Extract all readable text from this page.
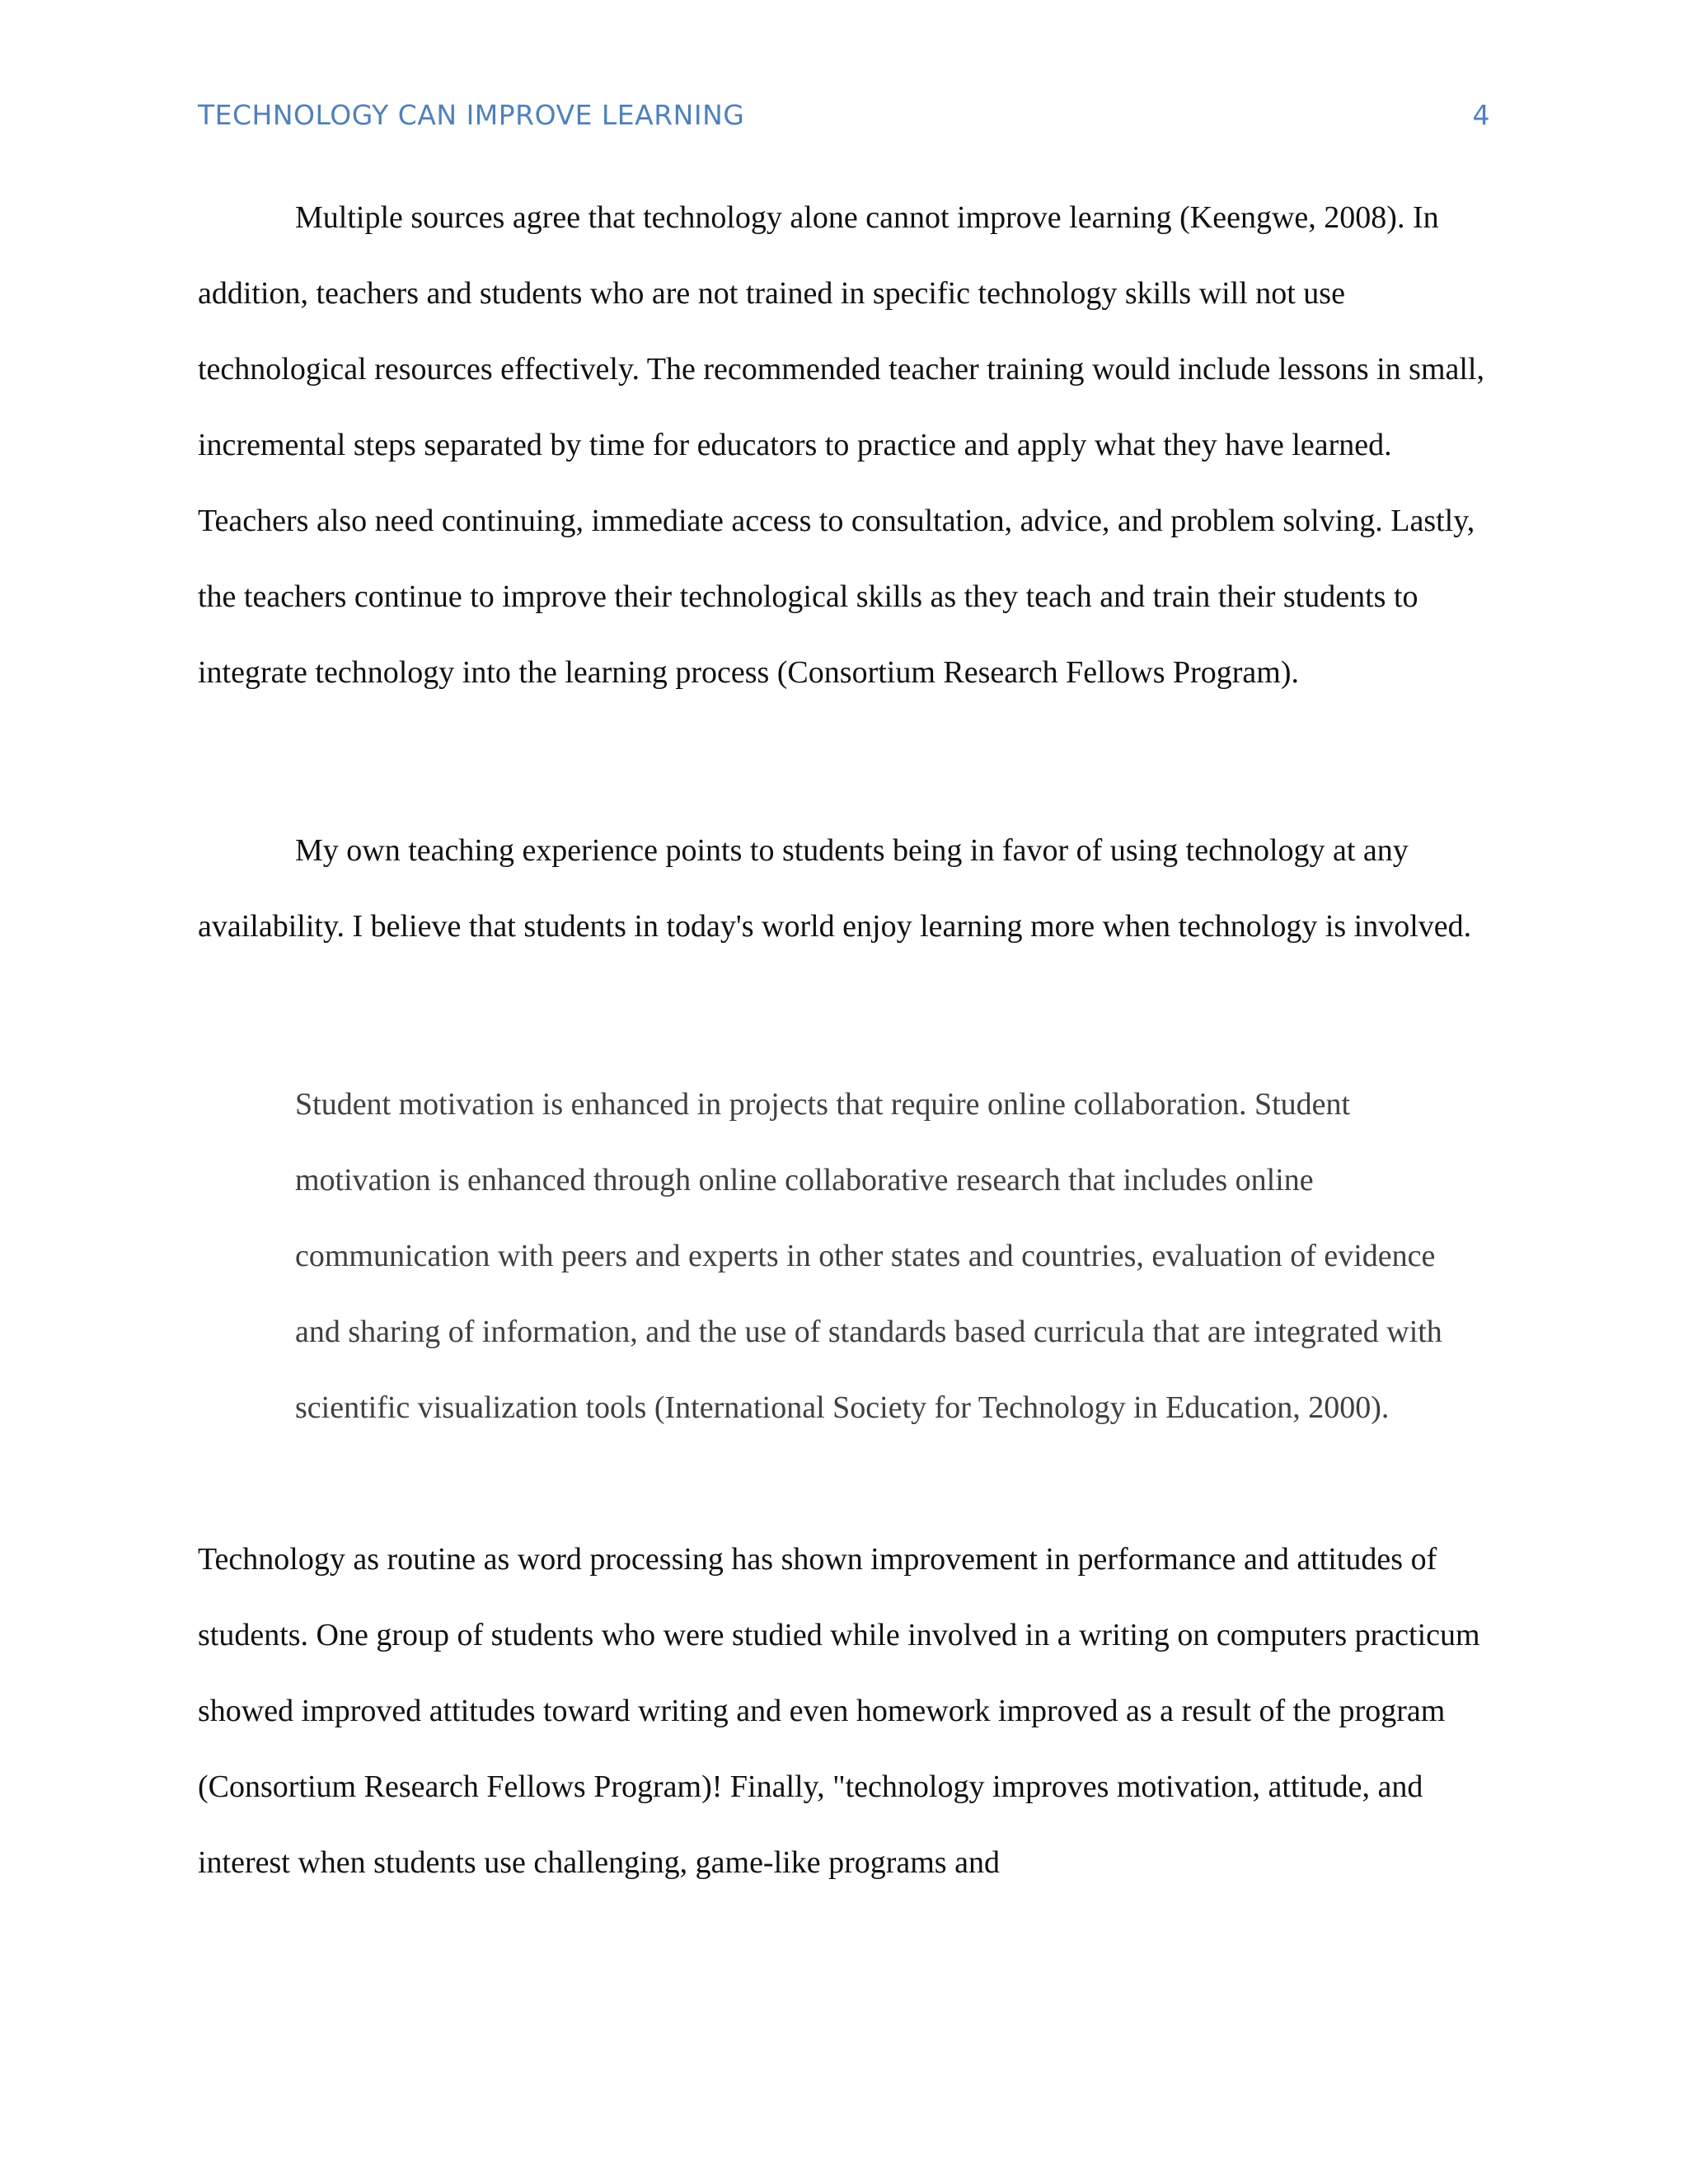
TECHNOLOGY CAN IMPROVE LEARNING	4

Multiple sources agree that technology alone cannot improve learning (Keengwe, 2008). In addition, teachers and students who are not trained in specific technology skills will not use technological resources effectively. The recommended teacher training would include lessons in small, incremental steps separated by time for educators to practice and apply what they have learned. Teachers also need continuing, immediate access to consultation, advice, and problem solving. Lastly, the teachers continue to improve their technological skills as they teach and train their students to integrate technology into the learning process (Consortium Research Fellows Program).

My own teaching experience points to students being in favor of using technology at any availability. I believe that students in today's world enjoy learning more when technology is involved.

Student motivation is enhanced in projects that require online collaboration. Student motivation is enhanced through online collaborative research that includes online communication with peers and experts in other states and countries, evaluation of evidence and sharing of information, and the use of standards based curricula that are integrated with scientific visualization tools (International Society for Technology in Education, 2000).

Technology as routine as word processing has shown improvement in performance and attitudes of students. One group of students who were studied while involved in a writing on computers practicum showed improved attitudes toward writing and even homework improved as a result of the program (Consortium Research Fellows Program)! Finally, "technology improves motivation, attitude, and interest when students use challenging, game-like programs and
